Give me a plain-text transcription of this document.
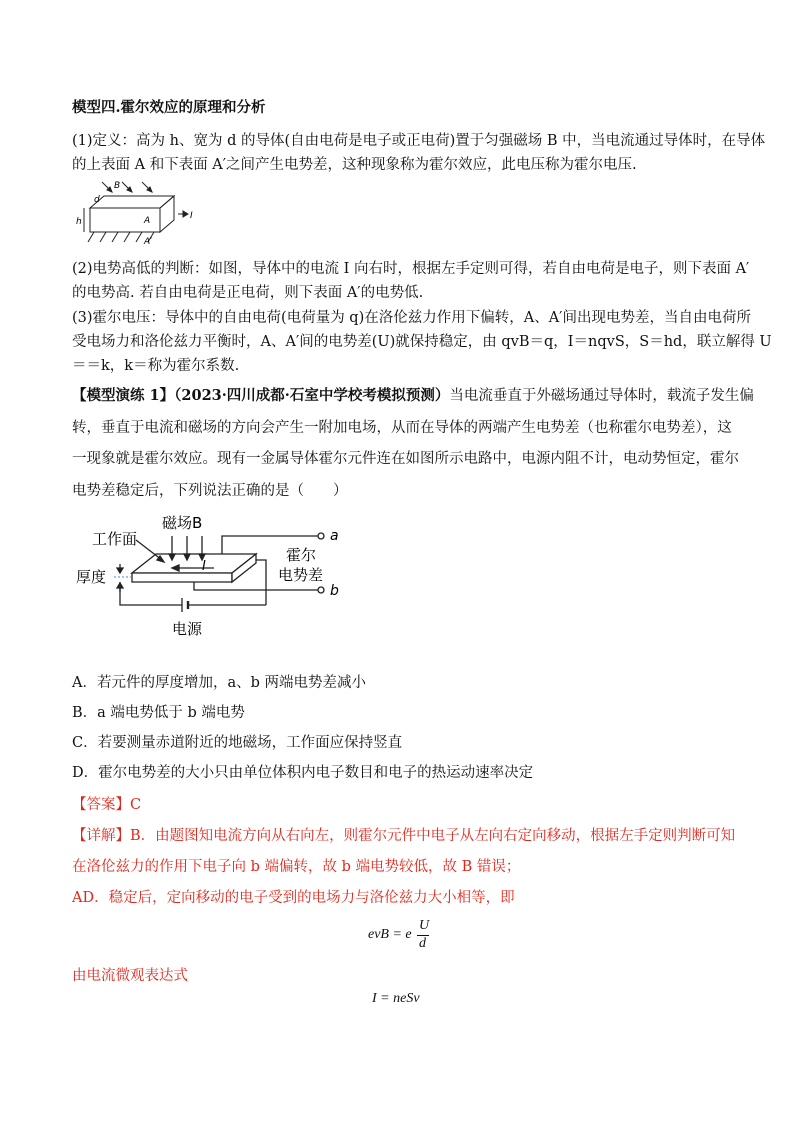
模型四.霍尔效应的原理和分析
(1)定义：高为 h、宽为 d 的导体(自由电荷是电子或正电荷)置于匀强磁场 B 中，当电流通过导体时，在导体
的上表面 A 和下表面 A′之间产生电势差，这种现象称为霍尔效应，此电压称为霍尔电压.
B
d
A	I
h
A′
(2)电势高低的判断：如图，导体中的电流 I 向右时，根据左手定则可得，若自由电荷是电子，则下表面 A′
的电势高. 若自由电荷是正电荷，则下表面 A′的电势低.
(3)霍尔电压：导体中的自由电荷(电荷量为 q)在洛伦兹力作用下偏转，A、A′间出现电势差，当自由电荷所
受电场力和洛伦兹力平衡时，A、A′间的电势差(U)就保持稳定，由 qvB＝q，I＝nqvS，S＝hd，联立解得 U
＝＝k，k＝称为霍尔系数.
【模型演练 1】（2023·四川成都·石室中学校考模拟预测）当电流垂直于外磁场通过导体时，载流子发生偏
转，垂直于电流和磁场的方向会产生一附加电场，从而在导体的两端产生电势差（也称霍尔电势差），这
一现象就是霍尔效应。现有一金属导体霍尔元件连在如图所示电路中，电源内阻不计，电动势恒定，霍尔
电势差稳定后，下列说法正确的是（　　）
工作面
磁场B
I
厚度
霍尔
电势差
a
b
电源
A．若元件的厚度增加，a、b 两端电势差减小
B．a 端电势低于 b 端电势
C．若要测量赤道附近的地磁场，工作面应保持竖直
D．霍尔电势差的大小只由单位体积内电子数目和电子的热运动速率决定
【答案】C
【详解】B．由题图知电流方向从右向左，则霍尔元件中电子从左向右定向移动，根据左手定则判断可知
在洛伦兹力的作用下电子向 b 端偏转，故 b 端电势较低，故 B 错误；
AD．稳定后，定向移动的电子受到的电场力与洛伦兹力大小相等，即
evB = e
U
d
由电流微观表达式
I = neSv
